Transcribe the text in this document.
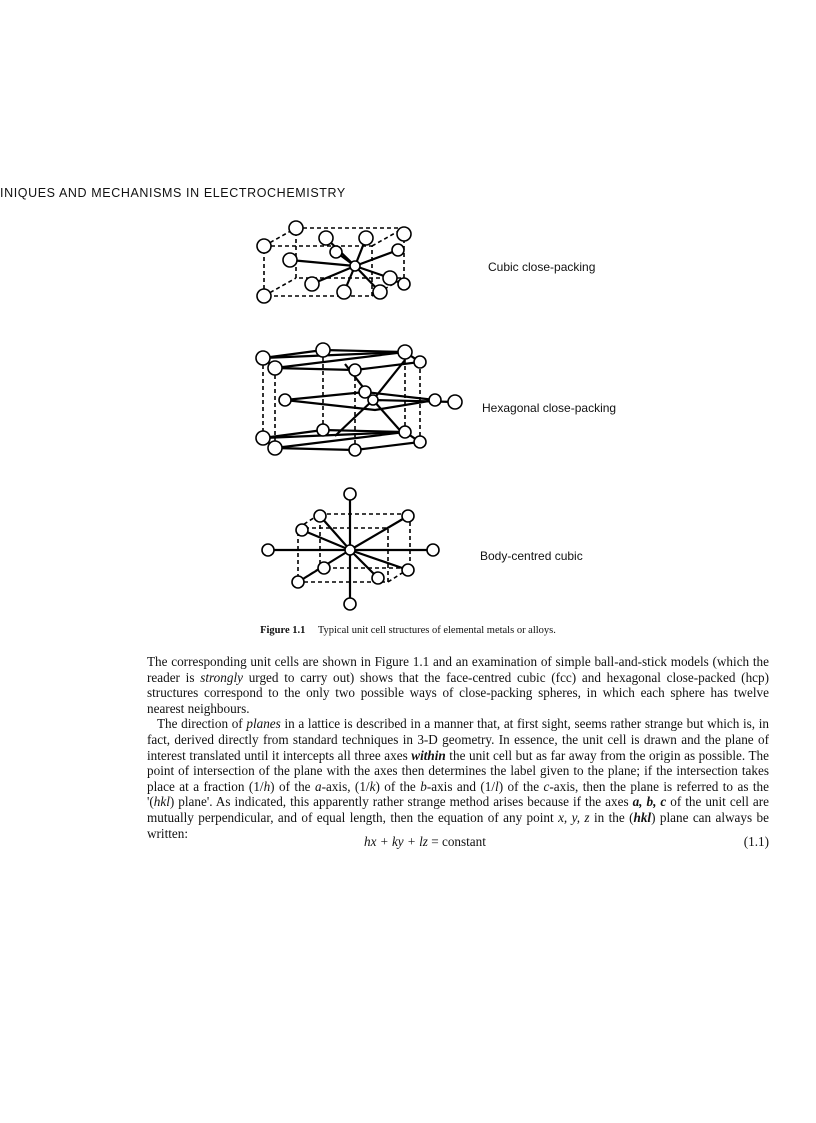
INIQUES AND MECHANISMS IN ELECTROCHEMISTRY
Cubic close-packing
Hexagonal close-packing
Body-centred cubic
Figure 1.1 Typical unit cell structures of elemental metals or alloys.

The corresponding unit cells are shown in Figure 1.1 and an examination of simple ball-and-stick models (which the reader is strongly urged to carry out) shows that the face-centred cubic (fcc) and hexagonal close-packed (hcp) structures correspond to the only two possible ways of close-packing spheres, in which each sphere has twelve nearest neighbours.

The direction of planes in a lattice is described in a manner that, at first sight, seems rather strange but which is, in fact, derived directly from standard techniques in 3-D geometry. In essence, the unit cell is drawn and the plane of interest translated until it intercepts all three axes within the unit cell but as far away from the origin as possible. The point of intersection of the plane with the axes then determines the label given to the plane; if the intersection takes place at a fraction (1/h) of the a-axis, (1/k) of the b-axis and (1/l) of the c-axis, then the plane is referred to as the '(hkl) plane'. As indicated, this apparently rather strange method arises because if the axes a, b, c of the unit cell are mutually perpendicular, and of equal length, then the equation of any point x, y, z in the (hkl) plane can always be written:

hx + ky + lz = constant	(1.1)
